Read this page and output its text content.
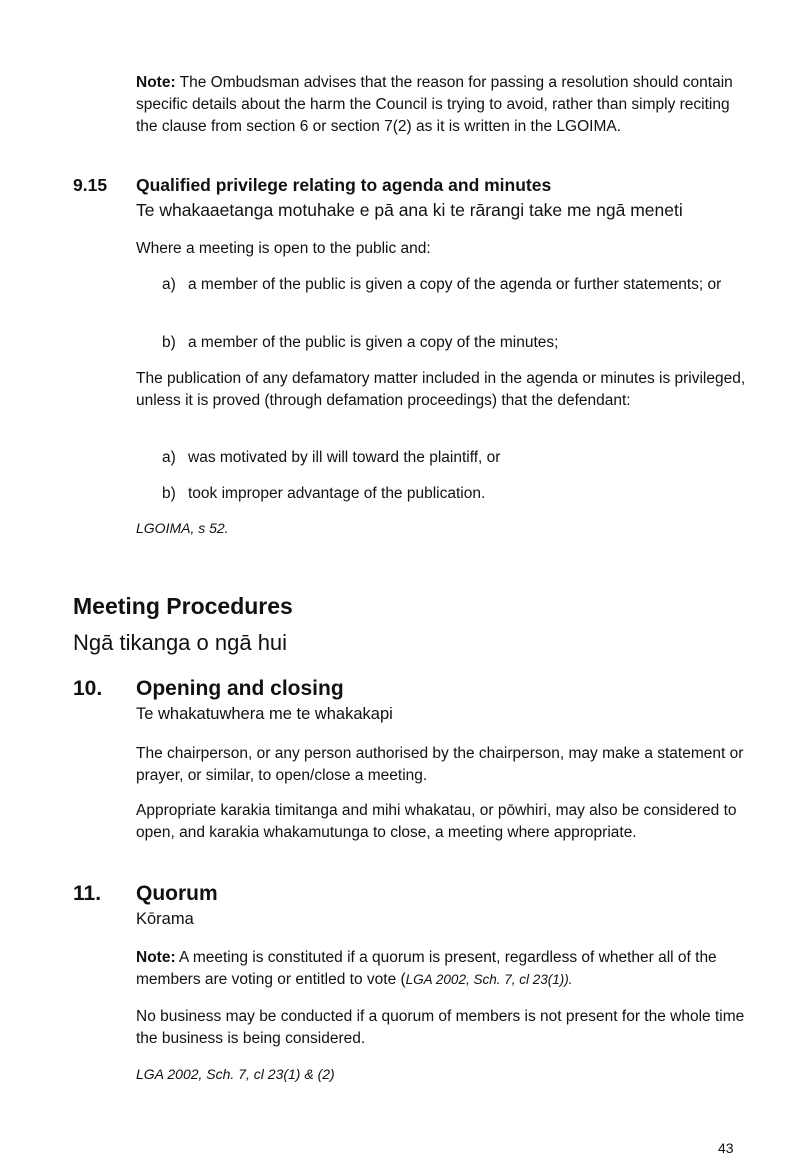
Note: The Ombudsman advises that the reason for passing a resolution should contain specific details about the harm the Council is trying to avoid, rather than simply reciting the clause from section 6 or section 7(2) as it is written in the LGOIMA.
9.15 Qualified privilege relating to agenda and minutes
Te whakaaetanga motuhake e pā ana ki te rārangi take me ngā meneti
Where a meeting is open to the public and:
a) a member of the public is given a copy of the agenda or further statements; or
b) a member of the public is given a copy of the minutes;
The publication of any defamatory matter included in the agenda or minutes is privileged, unless it is proved (through defamation proceedings) that the defendant:
a) was motivated by ill will toward the plaintiff, or
b) took improper advantage of the publication.
LGOIMA, s 52.
Meeting Procedures
Ngā tikanga o ngā hui
10. Opening and closing
Te whakatuwhera me te whakakapi
The chairperson, or any person authorised by the chairperson, may make a statement or prayer, or similar, to open/close a meeting.
Appropriate karakia timitanga and mihi whakatau, or pōwhiri, may also be considered to open, and karakia whakamutunga to close, a meeting where appropriate.
11. Quorum
Kōrama
Note: A meeting is constituted if a quorum is present, regardless of whether all of the members are voting or entitled to vote (LGA 2002, Sch. 7, cl 23(1)).
No business may be conducted if a quorum of members is not present for the whole time the business is being considered.
LGA 2002, Sch. 7, cl 23(1) & (2)
43
